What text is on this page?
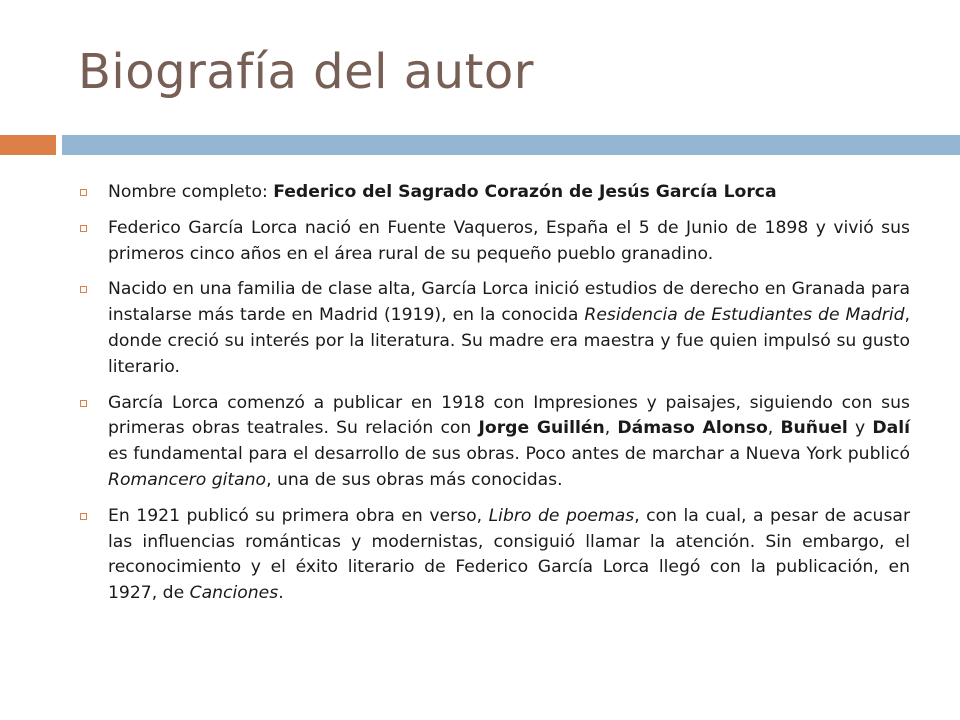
Biografía del autor
Nombre completo: Federico del Sagrado Corazón de Jesús García Lorca
Federico García Lorca nació en Fuente Vaqueros, España el 5 de Junio de 1898 y vivió sus primeros cinco años en el área rural de su pequeño pueblo granadino.
Nacido en una familia de clase alta, García Lorca inició estudios de derecho en Granada para instalarse más tarde en Madrid (1919), en la conocida Residencia de Estudiantes de Madrid, donde creció su interés por la literatura. Su madre era maestra y fue quien impulsó su gusto literario.
García Lorca comenzó a publicar en 1918 con Impresiones y paisajes, siguiendo con sus primeras obras teatrales. Su relación con Jorge Guillén, Dámaso Alonso, Buñuel y Dalí es fundamental para el desarrollo de sus obras. Poco antes de marchar a Nueva York publicó Romancero gitano, una de sus obras más conocidas.
En 1921 publicó su primera obra en verso, Libro de poemas, con la cual, a pesar de acusar las influencias románticas y modernistas, consiguió llamar la atención. Sin embargo, el reconocimiento y el éxito literario de Federico García Lorca llegó con la publicación, en 1927, de Canciones.
